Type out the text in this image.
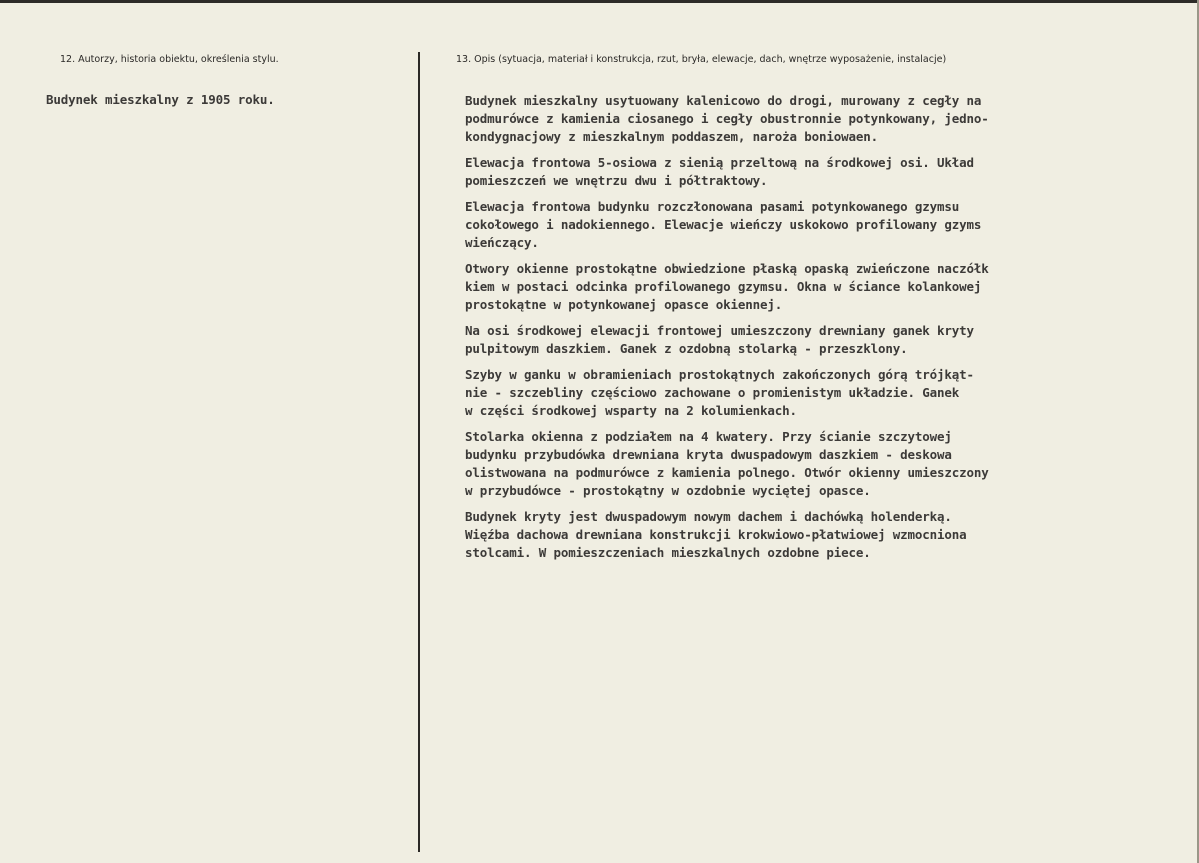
12. Autorzy, historia obiektu, określenia stylu.	13. Opis (sytuacja, materiał i konstrukcja, rzut, bryła, elewacje, dach, wnętrze wyposażenie, instalacje)
Budynek mieszkalny z 1905 roku.	Budynek mieszkalny usytuowany kalenicowo do drogi, murowany z cegły na
podmurówce z kamienia ciosanego i cegły obustronnie potynkowany, jedno-
kondygnacjowy z mieszkalnym poddaszem, naroża boniowaen.
Elewacja frontowa 5-osiowa z sienią przeltową na środkowej osi. Układ
pomieszczeń we wnętrzu dwu i półtraktowy.
Elewacja frontowa budynku rozczłonowana pasami potynkowanego gzymsu
cokołowego i nadokiennego. Elewacje wieńczy uskokowo profilowany gzyms
wieńczący.
Otwory okienne prostokątne obwiedzione płaską opaską zwieńczone naczółk
kiem w postaci odcinka profilowanego gzymsu. Okna w ściance kolankowej
prostokątne w potynkowanej opasce okiennej.
Na osi środkowej elewacji frontowej umieszczony drewniany ganek kryty
pulpitowym daszkiem. Ganek z ozdobną stolarką - przeszklony.
Szyby w ganku w obramieniach prostokątnych zakończonych górą trójkąt-
nie - szczebliny częściowo zachowane o promienistym układzie. Ganek
w części środkowej wsparty na 2 kolumienkach.
Stolarka okienna z podziałem na 4 kwatery. Przy ścianie szczytowej
budynku przybudówka drewniana kryta dwuspadowym daszkiem - deskowa
olistwowana na podmurówce z kamienia polnego. Otwór okienny umieszczony
w przybudówce - prostokątny w ozdobnie wyciętej opasce.
Budynek kryty jest dwuspadowym nowym dachem i dachówką holenderką.
Więźba dachowa drewniana konstrukcji krokwiowo-płatwiowej wzmocniona
stolcami. W pomieszczeniach mieszkalnych ozdobne piece.
